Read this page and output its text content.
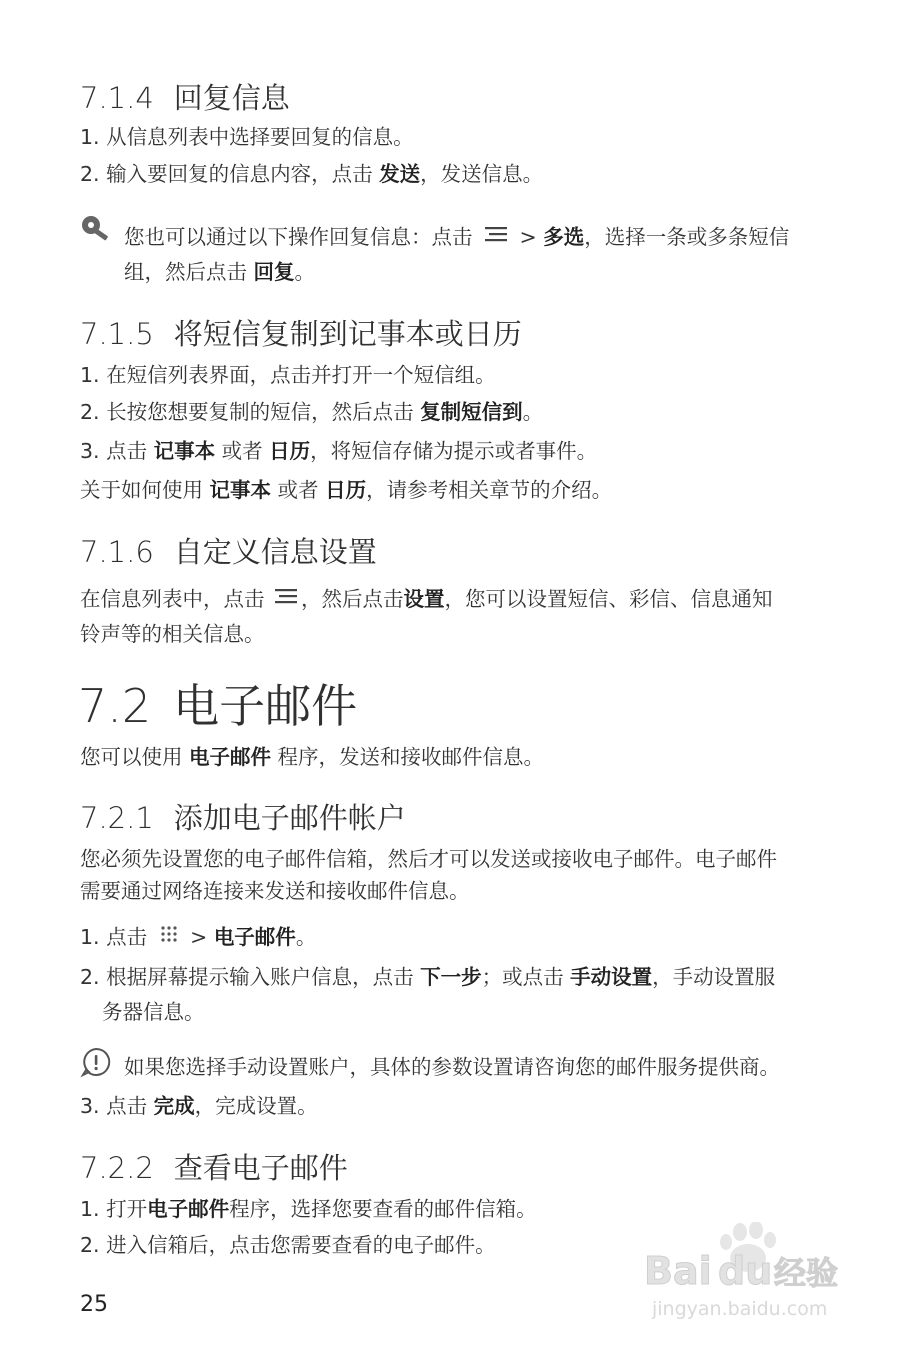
7.1.4 回复信息
1. 从信息列表中选择要回复的信息。
2. 输入要回复的信息内容，点击 发送，发送信息。
您也可以通过以下操作回复信息：点击  > 多选，选择一条或多条短信
组，然后点击 回复。
7.1.5 将短信复制到记事本或日历
1. 在短信列表界面，点击并打开一个短信组。
2. 长按您想要复制的短信，然后点击 复制短信到。
3. 点击 记事本 或者 日历，将短信存储为提示或者事件。
关于如何使用 记事本 或者 日历，请参考相关章节的介绍。
7.1.6 自定义信息设置
在信息列表中，点击 ，然后点击设置，您可以设置短信、彩信、信息通知
铃声等的相关信息。
7.2 电子邮件
您可以使用 电子邮件 程序，发送和接收邮件信息。
7.2.1 添加电子邮件帐户
您必须先设置您的电子邮件信箱，然后才可以发送或接收电子邮件。电子邮件
需要通过网络连接来发送和接收邮件信息。
1. 点击  > 电子邮件。
2. 根据屏幕提示输入账户信息，点击 下一步；或点击 手动设置，手动设置服
务器信息。
如果您选择手动设置账户，具体的参数设置请咨询您的邮件服务提供商。
3. 点击 完成，完成设置。
7.2.2 查看电子邮件
1. 打开电子邮件程序，选择您要查看的邮件信箱。
2. 进入信箱后，点击您需要查看的电子邮件。
25
Bai du 经验
jingyan.baidu.com
